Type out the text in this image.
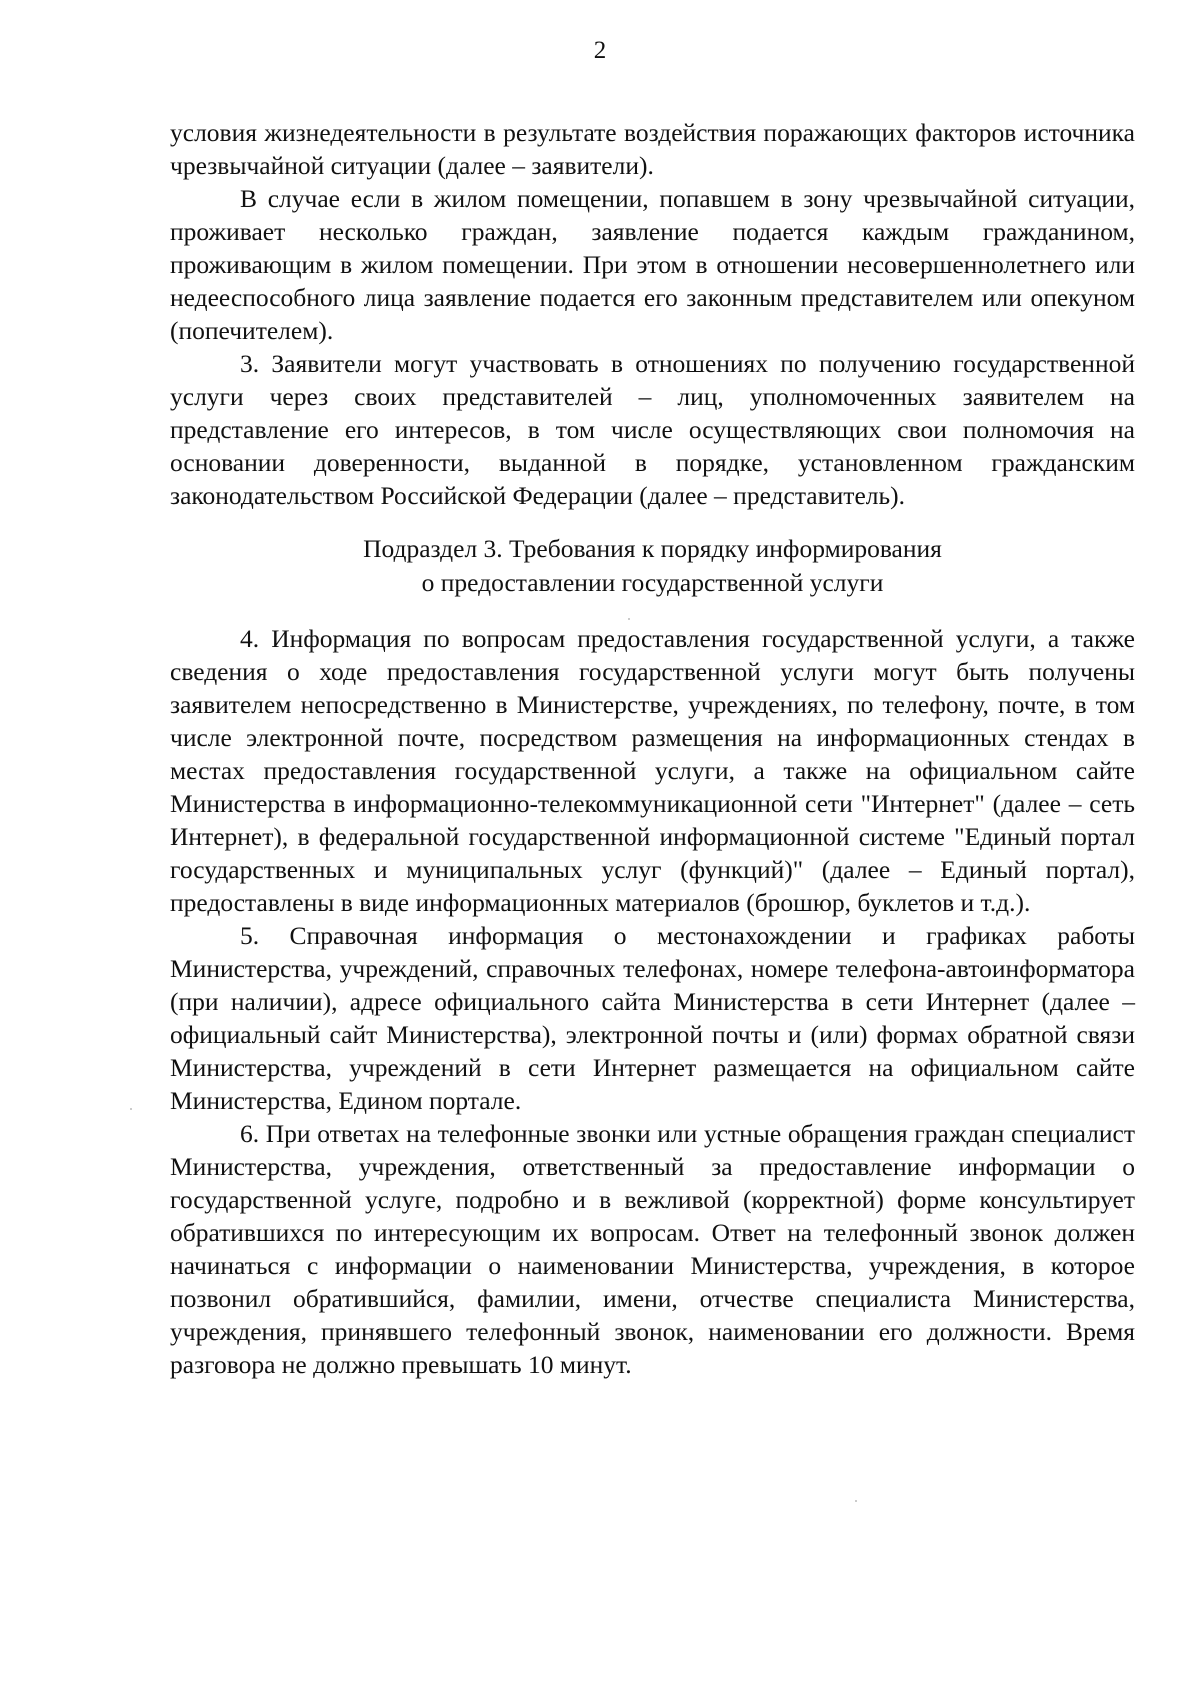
2

условия жизнедеятельности в результате воздействия поражающих факторов источника чрезвычайной ситуации (далее – заявители).

В случае если в жилом помещении, попавшем в зону чрезвычайной ситуации, проживает несколько граждан, заявление подается каждым гражданином, проживающим в жилом помещении. При этом в отношении несовершеннолетнего или недееспособного лица заявление подается его законным представителем или опекуном (попечителем).

3. Заявители могут участвовать в отношениях по получению государственной услуги через своих представителей – лиц, уполномоченных заявителем на представление его интересов, в том числе осуществляющих свои полномочия на основании доверенности, выданной в порядке, установленном гражданским законодательством Российской Федерации (далее – представитель).

Подраздел 3. Требования к порядку информирования
о предоставлении государственной услуги

4. Информация по вопросам предоставления государственной услуги, а также сведения о ходе предоставления государственной услуги могут быть получены заявителем непосредственно в Министерстве, учреждениях, по телефону, почте, в том числе электронной почте, посредством размещения на информационных стендах в местах предоставления государственной услуги, а также на официальном сайте Министерства в информационно-телекоммуникационной сети "Интернет" (далее – сеть Интернет), в федеральной государственной информационной системе "Единый портал государственных и муниципальных услуг (функций)" (далее – Единый портал), предоставлены в виде информационных материалов (брошюр, буклетов и т.д.).

5. Справочная информация о местонахождении и графиках работы Министерства, учреждений, справочных телефонах, номере телефона-автоинформатора (при наличии), адресе официального сайта Министерства в сети Интернет (далее – официальный сайт Министерства), электронной почты и (или) формах обратной связи Министерства, учреждений в сети Интернет размещается на официальном сайте Министерства, Едином портале.

6. При ответах на телефонные звонки или устные обращения граждан специалист Министерства, учреждения, ответственный за предоставление информации о государственной услуге, подробно и в вежливой (корректной) форме консультирует обратившихся по интересующим их вопросам. Ответ на телефонный звонок должен начинаться с информации о наименовании Министерства, учреждения, в которое позвонил обратившийся, фамилии, имени, отчестве специалиста Министерства, учреждения, принявшего телефонный звонок, наименовании его должности. Время разговора не должно превышать 10 минут.
